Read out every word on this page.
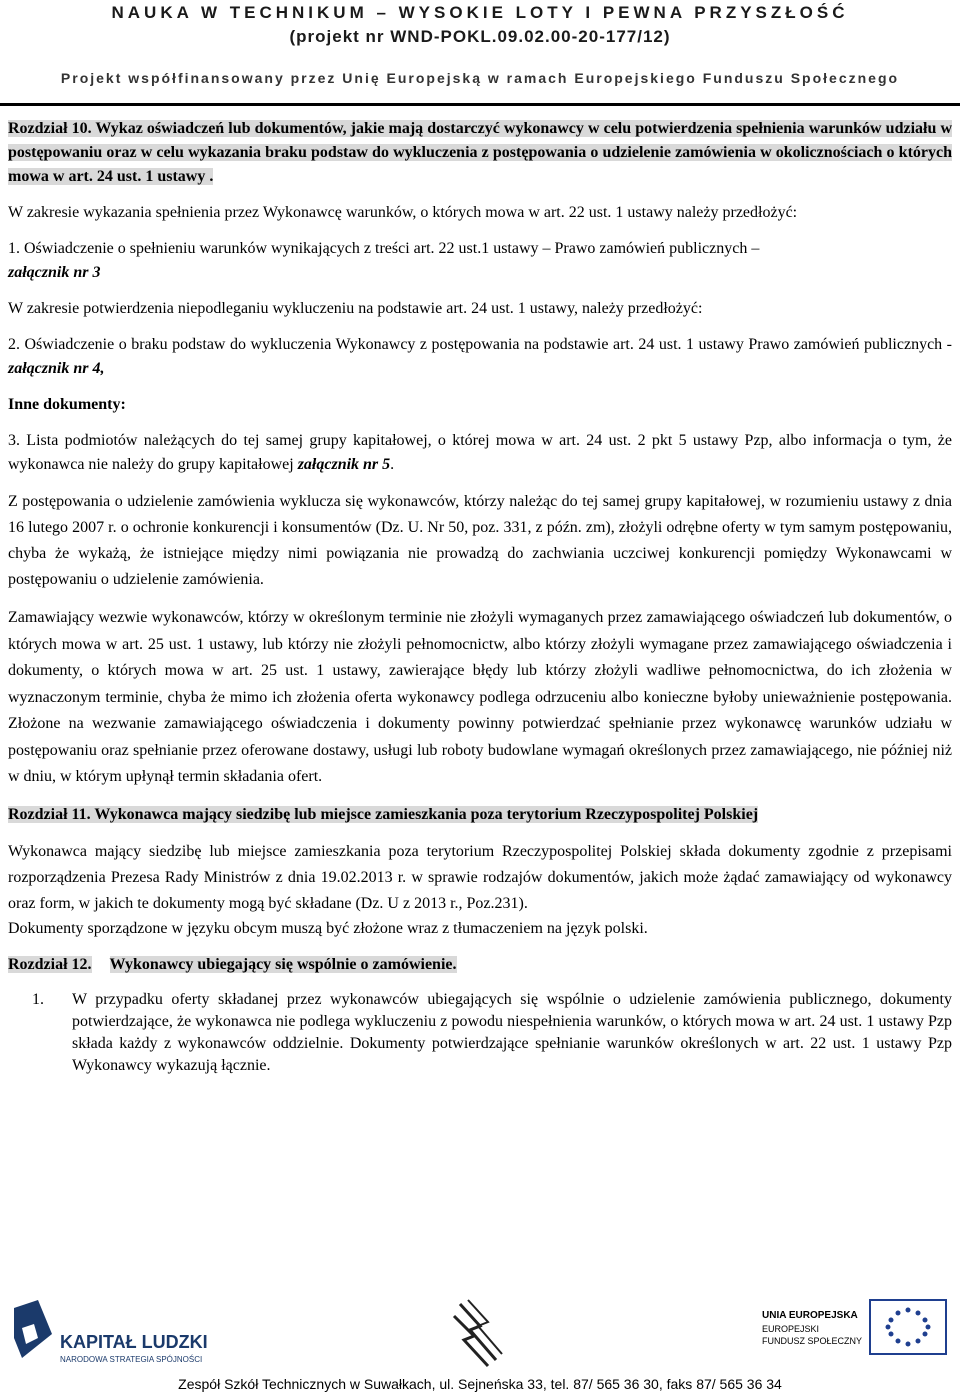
NAUKA W TECHNIKUM – WYSOKIE LOTY I PEWNA PRZYSZŁOŚĆ
(projekt nr WND-POKL.09.02.00-20-177/12)
Projekt współfinansowany przez Unię Europejską w ramach Europejskiego Funduszu Społecznego

Rozdział 10. Wykaz oświadczeń lub dokumentów, jakie mają dostarczyć wykonawcy w celu potwierdzenia spełnienia warunków udziału w postępowaniu oraz w celu wykazania braku podstaw do wykluczenia z postępowania o udzielenie zamówienia w okolicznościach o których mowa w art. 24 ust. 1 ustawy .

W zakresie wykazania spełnienia przez Wykonawcę warunków, o których mowa w art. 22 ust. 1 ustawy należy przedłożyć:

1. Oświadczenie o spełnieniu warunków wynikających z treści art. 22 ust.1 ustawy – Prawo zamówień publicznych –
załącznik nr 3

W zakresie potwierdzenia niepodleganiu wykluczeniu na podstawie art. 24 ust. 1 ustawy, należy przedłożyć:

2. Oświadczenie o braku podstaw do wykluczenia Wykonawcy z postępowania na podstawie art. 24 ust. 1 ustawy Prawo zamówień publicznych - załącznik nr 4,

Inne dokumenty:

3. Lista podmiotów należących do tej samej grupy kapitałowej, o której mowa w art. 24 ust. 2 pkt 5 ustawy Pzp, albo informacja o tym, że wykonawca nie należy do grupy kapitałowej załącznik nr 5.

Z postępowania o udzielenie zamówienia wyklucza się wykonawców, którzy należąc do tej samej grupy kapitałowej, w rozumieniu ustawy z dnia 16 lutego 2007 r. o ochronie konkurencji i konsumentów (Dz. U. Nr 50, poz. 331, z późn. zm), złożyli odrębne oferty w tym samym postępowaniu, chyba że wykażą, że istniejące między nimi powiązania nie prowadzą do zachwiania uczciwej konkurencji pomiędzy Wykonawcami w postępowaniu o udzielenie zamówienia.

Zamawiający wezwie wykonawców, którzy w określonym terminie nie złożyli wymaganych przez zamawiającego oświadczeń lub dokumentów, o których mowa w art. 25 ust. 1 ustawy, lub którzy nie złożyli pełnomocnictw, albo którzy złożyli wymagane przez zamawiającego oświadczenia i dokumenty, o których mowa w art. 25 ust. 1 ustawy, zawierające błędy lub którzy złożyli wadliwe pełnomocnictwa, do ich złożenia w wyznaczonym terminie, chyba że mimo ich złożenia oferta wykonawcy podlega odrzuceniu albo konieczne byłoby unieważnienie postępowania. Złożone na wezwanie zamawiającego oświadczenia i dokumenty powinny potwierdzać spełnianie przez wykonawcę warunków udziału w postępowaniu oraz spełnianie przez oferowane dostawy, usługi lub roboty budowlane wymagań określonych przez zamawiającego, nie później niż w dniu, w którym upłynął termin składania ofert.

Rozdział 11. Wykonawca mający siedzibę lub miejsce zamieszkania poza terytorium Rzeczypospolitej Polskiej

Wykonawca mający siedzibę lub miejsce zamieszkania poza terytorium Rzeczypospolitej Polskiej składa dokumenty zgodnie z przepisami rozporządzenia Prezesa Rady Ministrów z dnia 19.02.2013 r. w sprawie rodzajów dokumentów, jakich może żądać zamawiający od wykonawcy oraz form, w jakich te dokumenty mogą być składane (Dz. U z 2013 r., Poz.231).

Dokumenty sporządzone w języku obcym muszą być złożone wraz z tłumaczeniem na język polski.

Rozdział 12. Wykonawcy ubiegający się wspólnie o zamówienie.

1.	W przypadku oferty składanej przez wykonawców ubiegających się wspólnie o udzielenie zamówienia publicznego, dokumenty potwierdzające, że wykonawca nie podlega wykluczeniu z powodu niespełnienia warunków, o których mowa w art. 24 ust. 1 ustawy Pzp składa każdy z wykonawców oddzielnie. Dokumenty potwierdzające spełnianie warunków określonych w art. 22 ust. 1 ustawy Pzp Wykonawcy wykazują łącznie.
KAPITAŁ LUDZKI
NARODOWA STRATEGIA SPÓJNOŚCI
UNIA EUROPEJSKA
EUROPEJSKI
FUNDUSZ SPOŁECZNY
Zespół Szkół Technicznych w Suwałkach, ul. Sejneńska 33, tel. 87/ 565 36 30, faks 87/ 565 36 34
